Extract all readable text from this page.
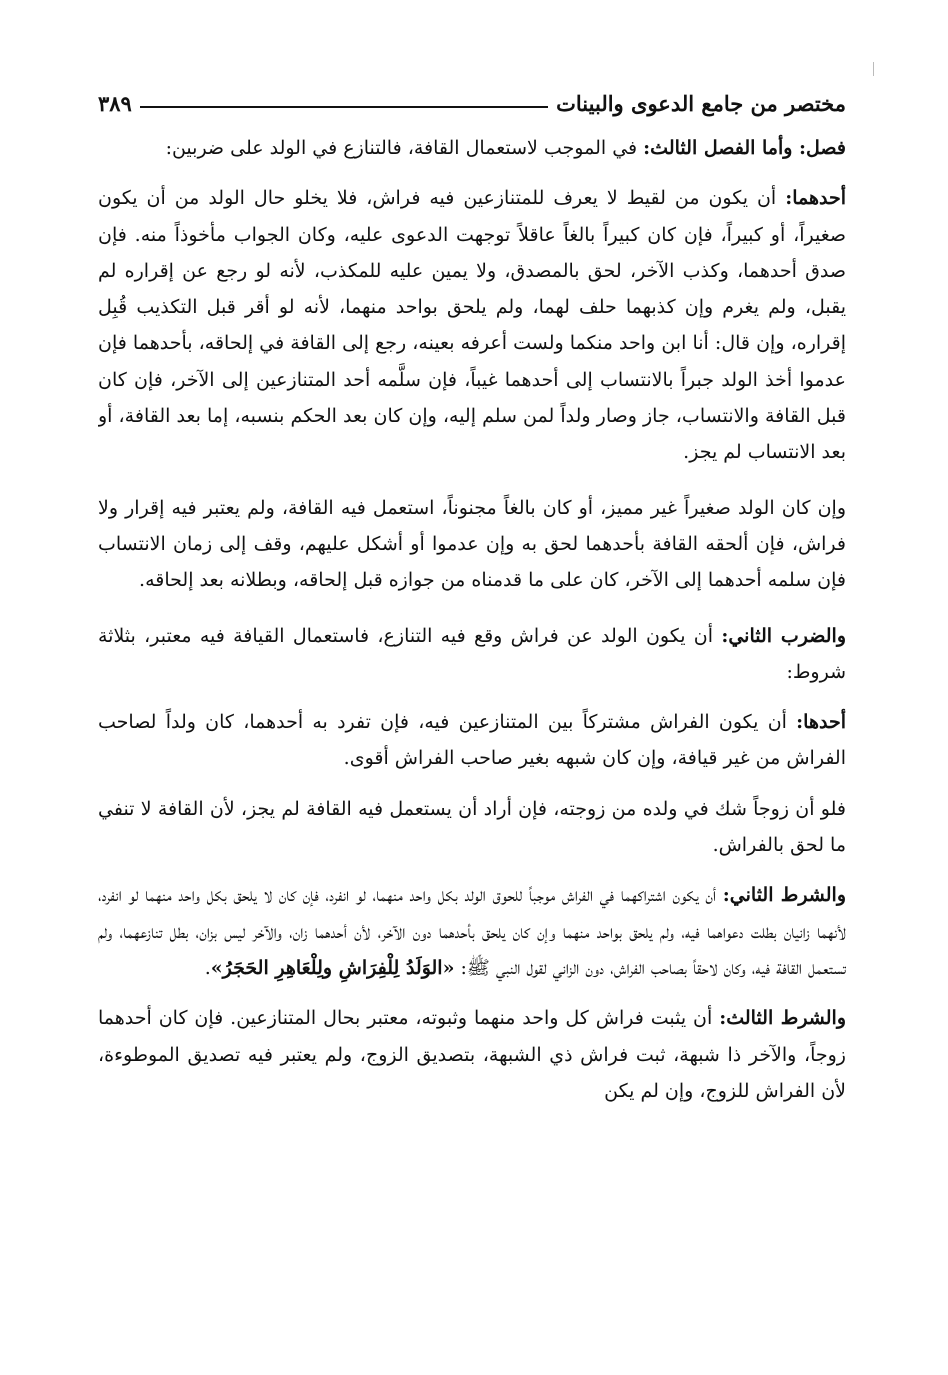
مختصر من جامع الدعوى والبينات
٣٨٩

فصل: وأما الفصل الثالث: في الموجب لاستعمال القافة، فالتنازع في الولد على ضربين:

أحدهما: أن يكون من لقيط لا يعرف للمتنازعين فيه فراش، فلا يخلو حال الولد من أن يكون صغيراً، أو كبيراً، فإن كان كبيراً بالغاً عاقلاً توجهت الدعوى عليه، وكان الجواب مأخوذاً منه. فإن صدق أحدهما، وكذب الآخر، لحق بالمصدق، ولا يمين عليه للمكذب، لأنه لو رجع عن إقراره لم يقبل، ولم يغرم وإن كذبهما حلف لهما، ولم يلحق بواحد منهما، لأنه لو أقر قبل التكذيب قُبِل إقراره، وإن قال: أنا ابن واحد منكما ولست أعرفه بعينه، رجع إلى القافة في إلحاقه، بأحدهما فإن عدموا أخذ الولد جبراً بالانتساب إلى أحدهما غيباً، فإن سلَّمه أحد المتنازعين إلى الآخر، فإن كان قبل القافة والانتساب، جاز وصار ولداً لمن سلم إليه، وإن كان بعد الحكم بنسبه، إما بعد القافة، أو بعد الانتساب لم يجز.

وإن كان الولد صغيراً غير مميز، أو كان بالغاً مجنوناً، استعمل فيه القافة، ولم يعتبر فيه إقرار ولا فراش، فإن ألحقه القافة بأحدهما لحق به وإن عدموا أو أشكل عليهم، وقف إلى زمان الانتساب فإن سلمه أحدهما إلى الآخر، كان على ما قدمناه من جوازه قبل إلحاقه، وبطلانه بعد إلحاقه.

والضرب الثاني: أن يكون الولد عن فراش وقع فيه التنازع، فاستعمال القيافة فيه معتبر، بثلاثة شروط:

أحدها: أن يكون الفراش مشتركاً بين المتنازعين فيه، فإن تفرد به أحدهما، كان ولداً لصاحب الفراش من غير قيافة، وإن كان شبهه بغير صاحب الفراش أقوى.

فلو أن زوجاً شك في ولده من زوجته، فإن أراد أن يستعمل فيه القافة لم يجز، لأن القافة لا تنفي ما لحق بالفراش.

والشرط الثاني: أن يكون اشتراكهما في الفراش موجباً للحوق الولد بكل واحد منهما، لو انفرد، فإن كان لا يلحق بكل واحد منهما لو انفرد، لأنهما زانيان بطلت دعواهما فيه، ولم يلحق بواحد منهما وإن كان يلحق بأحدهما دون الآخر، لأن أحدهما زان، والآخر ليس بزان، بطل تنازعهما، ولم تستعمل القافة فيه، وكان لاحقاً بصاحب الفراش، دون الزاني لقول النبي ﷺ: «الوَلَدُ لِلْفِرَاشِ ولِلْعَاهِرِ الحَجَرُ».

والشرط الثالث: أن يثبت فراش كل واحد منهما وثبوته، معتبر بحال المتنازعين. فإن كان أحدهما زوجاً، والآخر ذا شبهة، ثبت فراش ذي الشبهة، بتصديق الزوج، ولم يعتبر فيه تصديق الموطوءة، لأن الفراش للزوج، وإن لم يكن
